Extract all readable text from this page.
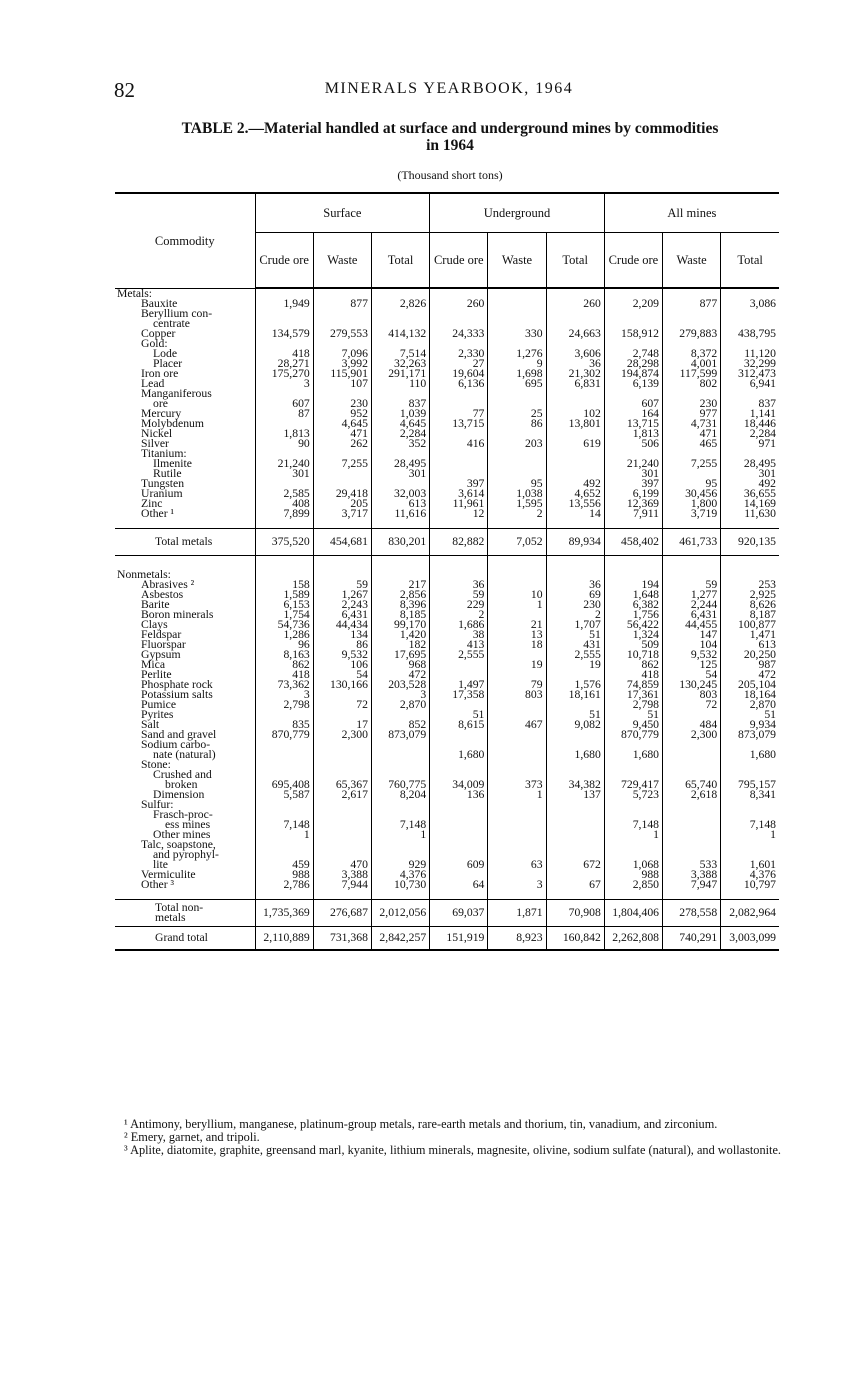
82	MINERALS YEARBOOK, 1964
TABLE 2.—Material handled at surface and underground mines by commodities
in 1964
(Thousand short tons)
Commodity	Surface			Underground			All mines		
	Crude ore	Waste	Total	Crude ore	Waste	Total	Crude ore	Waste	Total
Metals:									
Bauxite	1,949	877	2,826	260		260	2,209	877	3,086
Beryllium con-									
centrate									
Copper	134,579	279,553	414,132	24,333	330	24,663	158,912	279,883	438,795
Gold:									
Lode	418	7,096	7,514	2,330	1,276	3,606	2,748	8,372	11,120
Placer	28,271	3,992	32,263	27	9	36	28,298	4,001	32,299
Iron ore	175,270	115,901	291,171	19,604	1,698	21,302	194,874	117,599	312,473
Lead	3	107	110	6,136	695	6,831	6,139	802	6,941
Manganiferous									
ore	607	230	837				607	230	837
Mercury	87	952	1,039	77	25	102	164	977	1,141
Molybdenum		4,645	4,645	13,715	86	13,801	13,715	4,731	18,446
Nickel	1,813	471	2,284				1,813	471	2,284
Silver	90	262	352	416	203	619	506	465	971
Titanium:									
Ilmenite	21,240	7,255	28,495				21,240	7,255	28,495
Rutile	301		301				301		301
Tungsten				397	95	492	397	95	492
Uranium	2,585	29,418	32,003	3,614	1,038	4,652	6,199	30,456	36,655
Zinc	408	205	613	11,961	1,595	13,556	12,369	1,800	14,169
Other ¹	7,899	3,717	11,616	12	2	14	7,911	3,719	11,630

Total metals	375,520	454,681	830,201	82,882	7,052	89,934	458,402	461,733	920,135

Nonmetals:									
Abrasives ²	158	59	217	36		36	194	59	253
Asbestos	1,589	1,267	2,856	59	10	69	1,648	1,277	2,925
Barite	6,153	2,243	8,396	229	1	230	6,382	2,244	8,626
Boron minerals	1,754	6,431	8,185	2		2	1,756	6,431	8,187
Clays	54,736	44,434	99,170	1,686	21	1,707	56,422	44,455	100,877
Feldspar	1,286	134	1,420	38	13	51	1,324	147	1,471
Fluorspar	96	86	182	413	18	431	509	104	613
Gypsum	8,163	9,532	17,695	2,555		2,555	10,718	9,532	20,250
Mica	862	106	968		19	19	862	125	987
Perlite	418	54	472				418	54	472
Phosphate rock	73,362	130,166	203,528	1,497	79	1,576	74,859	130,245	205,104
Potassium salts	3		3	17,358	803	18,161	17,361	803	18,164
Pumice	2,798	72	2,870				2,798	72	2,870
Pyrites				51		51	51		51
Salt	835	17	852	8,615	467	9,082	9,450	484	9,934
Sand and gravel	870,779	2,300	873,079				870,779	2,300	873,079
Sodium carbo-									
nate (natural)				1,680		1,680	1,680		1,680
Stone:									
Crushed and									
broken	695,408	65,367	760,775	34,009	373	34,382	729,417	65,740	795,157
Dimension	5,587	2,617	8,204	136	1	137	5,723	2,618	8,341
Sulfur:									
Frasch-proc-									
ess mines	7,148		7,148				7,148		7,148
Other mines	1		1				1		1
Talc, soapstone,									
and pyrophyl-									
lite	459	470	929	609	63	672	1,068	533	1,601
Vermiculite	988	3,388	4,376				988	3,388	4,376
Other ³	2,786	7,944	10,730	64	3	67	2,850	7,947	10,797

Total non-
metals	1,735,369	276,687	2,012,056	69,037	1,871	70,908	1,804,406	278,558	2,082,964
Grand total	2,110,889	731,368	2,842,257	151,919	8,923	160,842	2,262,808	740,291	3,003,099

¹ Antimony, beryllium, manganese, platinum-group metals, rare-earth metals and thorium, tin, vanadium, and zirconium.

² Emery, garnet, and tripoli.

³ Aplite, diatomite, graphite, greensand marl, kyanite, lithium minerals, magnesite, olivine, sodium sulfate (natural), and wollastonite.
